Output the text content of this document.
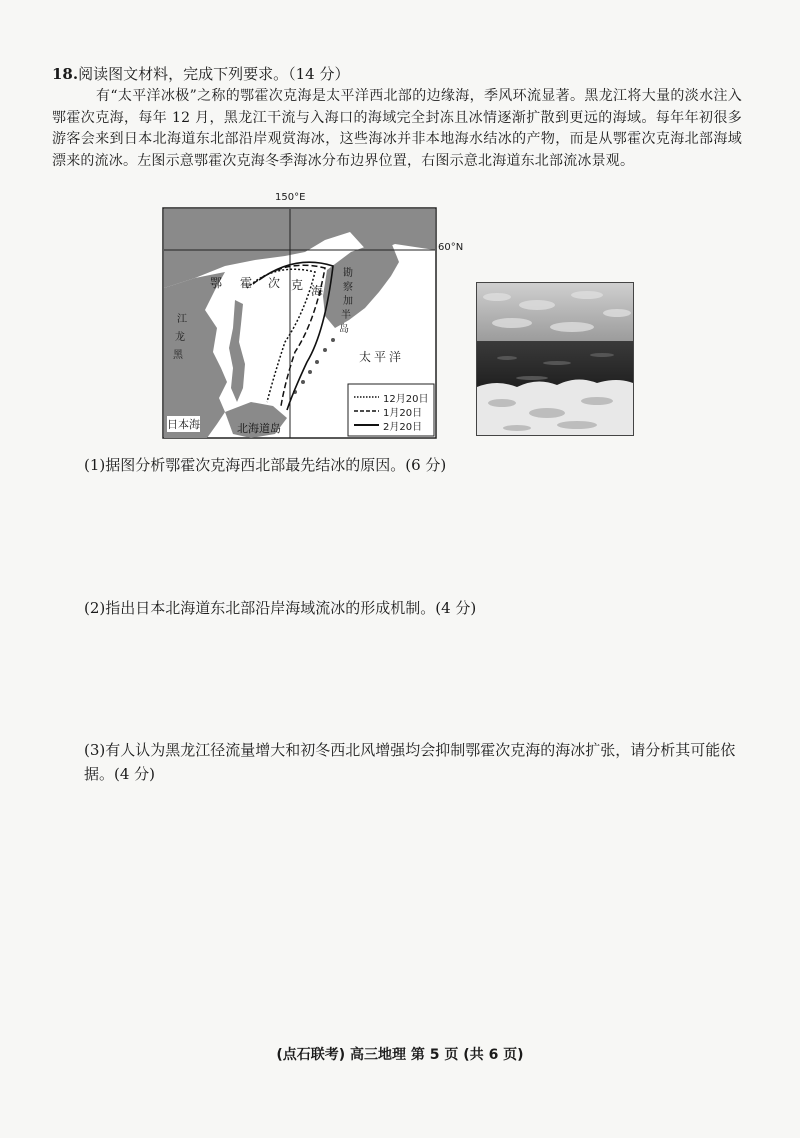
18.阅读图文材料，完成下列要求。（14 分）
有“太平洋冰极”之称的鄂霍次克海是太平洋西北部的边缘海，季风环流显著。黑龙江将大量的淡水注入鄂霍次克海，每年 12 月，黑龙江干流与入海口的海域完全封冻且冰情逐渐扩散到更远的海域。每年年初很多游客会来到日本北海道东北部沿岸观赏海冰，这些海冰并非本地海水结冰的产物，而是从鄂霍次克海北部海域漂来的流冰。左图示意鄂霍次克海冬季海冰分布边界位置，右图示意北海道东北部流冰景观。
150°E
60°N
鄂 霍 次 克 海
勘
察
加
半
岛
江
龙
黑	太平洋
日本海	北海道岛
12月20日
1月20日
2月20日
(1)据图分析鄂霍次克海西北部最先结冰的原因。(6 分)
(2)指出日本北海道东北部沿岸海域流冰的形成机制。(4 分)
(3)有人认为黑龙江径流量增大和初冬西北风增强均会抑制鄂霍次克海的海冰扩张，请分析其可能依据。(4 分)
(点石联考) 高三地理 第 5 页 (共 6 页)
